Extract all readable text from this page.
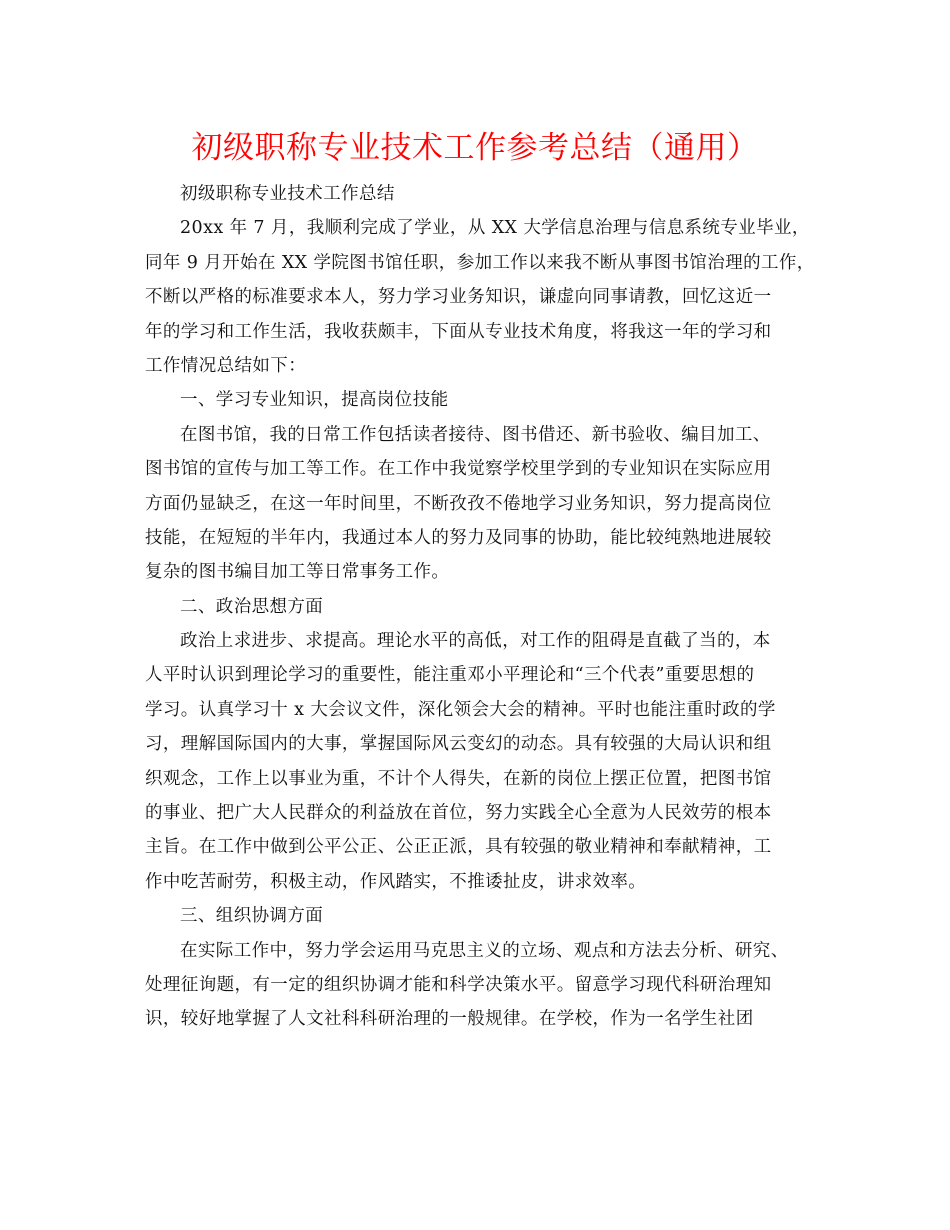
初级职称专业技术工作参考总结（通用）
初级职称专业技术工作总结
20xx 年 7 月，我顺利完成了学业，从 XX 大学信息治理与信息系统专业毕业，
同年 9 月开始在 XX 学院图书馆任职，参加工作以来我不断从事图书馆治理的工作，
不断以严格的标准要求本人，努力学习业务知识，谦虚向同事请教，回忆这近一
年的学习和工作生活，我收获颇丰，下面从专业技术角度，将我这一年的学习和
工作情况总结如下：
一、学习专业知识，提高岗位技能
在图书馆，我的日常工作包括读者接待、图书借还、新书验收、编目加工、
图书馆的宣传与加工等工作。在工作中我觉察学校里学到的专业知识在实际应用
方面仍显缺乏，在这一年时间里，不断孜孜不倦地学习业务知识，努力提高岗位
技能，在短短的半年内，我通过本人的努力及同事的协助，能比较纯熟地进展较
复杂的图书编目加工等日常事务工作。
二、政治思想方面
政治上求进步、求提高。理论水平的高低，对工作的阻碍是直截了当的，本
人平时认识到理论学习的重要性，能注重邓小平理论和“三个代表”重要思想的
学习。认真学习十 x 大会议文件，深化领会大会的精神。平时也能注重时政的学
习，理解国际国内的大事，掌握国际风云变幻的动态。具有较强的大局认识和组
织观念，工作上以事业为重，不计个人得失，在新的岗位上摆正位置，把图书馆
的事业、把广大人民群众的利益放在首位，努力实践全心全意为人民效劳的根本
主旨。在工作中做到公平公正、公正正派，具有较强的敬业精神和奉献精神，工
作中吃苦耐劳，积极主动，作风踏实，不推诿扯皮，讲求效率。
三、组织协调方面
在实际工作中，努力学会运用马克思主义的立场、观点和方法去分析、研究、
处理征询题，有一定的组织协调才能和科学决策水平。留意学习现代科研治理知
识，较好地掌握了人文社科科研治理的一般规律。在学校，作为一名学生社团
